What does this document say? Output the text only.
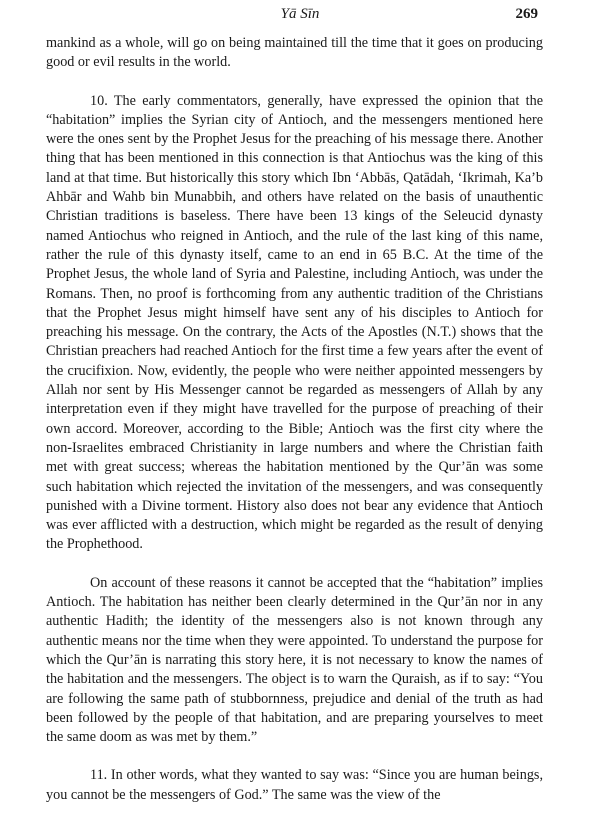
Yā Sīn	269

mankind as a whole, will go on being maintained till the time that it goes on producing good or evil results in the world.

10. The early commentators, generally, have expressed the opinion that the “habitation” implies the Syrian city of Antioch, and the messengers mentioned here were the ones sent by the Prophet Jesus for the preaching of his message there. Another thing that has been mentioned in this connection is that Antiochus was the king of this land at that time. But historically this story which Ibn ‘Abbās, Qatādah, ‘Ikrimah, Ka’b Ahbār and Wahb bin Munabbih, and others have related on the basis of unauthentic Christian traditions is baseless. There have been 13 kings of the Seleucid dynasty named Antiochus who reigned in Antioch, and the rule of the last king of this name, rather the rule of this dynasty itself, came to an end in 65 B.C. At the time of the Prophet Jesus, the whole land of Syria and Palestine, including Antioch, was under the Romans. Then, no proof is forthcoming from any authentic tradition of the Christians that the Prophet Jesus might himself have sent any of his disciples to Antioch for preaching his message. On the contrary, the Acts of the Apostles (N.T.) shows that the Christian preachers had reached Antioch for the first time a few years after the event of the crucifixion. Now, evidently, the people who were neither appointed messengers by Allah nor sent by His Messenger cannot be regarded as messengers of Allah by any interpretation even if they might have travelled for the purpose of preaching of their own accord. Moreover, according to the Bible; Antioch was the first city where the non-Israelites embraced Christianity in large numbers and where the Christian faith met with great success; whereas the habitation mentioned by the Qur’ān was some such habitation which rejected the invitation of the messengers, and was consequently punished with a Divine torment. History also does not bear any evidence that Antioch was ever afflicted with a destruction, which might be regarded as the result of denying the Prophethood.

On account of these reasons it cannot be accepted that the “habitation” implies Antioch. The habitation has neither been clearly determined in the Qur’ān nor in any authentic Hadith; the identity of the messengers also is not known through any authentic means nor the time when they were appointed. To understand the purpose for which the Qur’ān is narrating this story here, it is not necessary to know the names of the habitation and the messengers. The object is to warn the Quraish, as if to say: “You are following the same path of stubbornness, prejudice and denial of the truth as had been followed by the people of that habitation, and are preparing yourselves to meet the same doom as was met by them.”

11. In other words, what they wanted to say was: “Since you are human beings, you cannot be the messengers of God.” The same was the view of the
